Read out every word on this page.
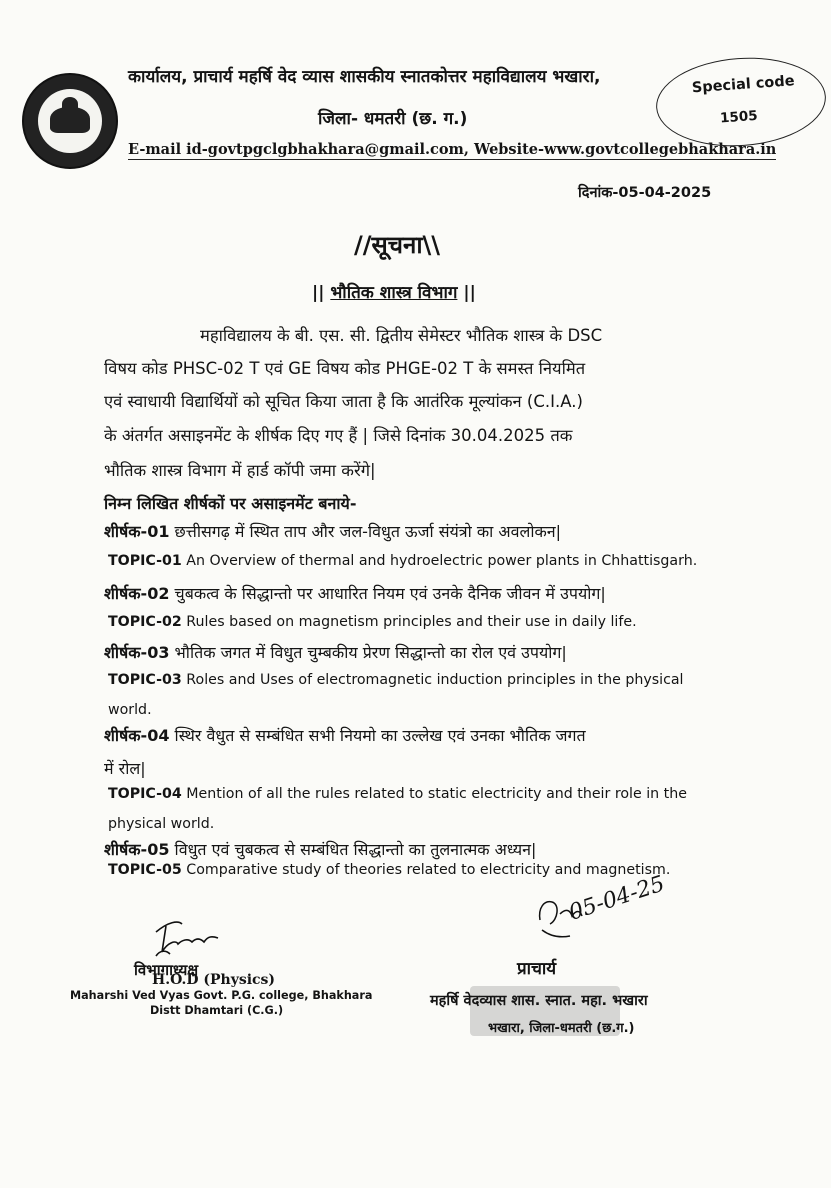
कार्यालय, प्राचार्य महर्षि वेद व्यास शासकीय स्नातकोत्तर महाविद्यालय भखारा,
जिला- धमतरी (छ. ग.)
E-mail id-govtpgclgbhakhara@gmail.com, Website-www.govtcollegebhakhara.in
Special code
1505
दिनांक-05-04-2025
//सूचना\\
|| भौतिक शास्त्र विभाग ||
महाविद्यालय के बी. एस. सी. द्वितीय सेमेस्टर भौतिक शास्त्र के DSC
विषय कोड PHSC-02 T एवं GE विषय कोड PHGE-02 T के समस्त नियमित
एवं स्वाधायी विद्यार्थियों को सूचित किया जाता है कि आतंरिक मूल्यांकन (C.I.A.)
के अंतर्गत असाइनमेंट के शीर्षक दिए गए हैं | जिसे दिनांक 30.04.2025 तक
भौतिक शास्त्र विभाग में हार्ड कॉपी जमा करेंगे|
निम्न लिखित शीर्षकों पर असाइनमेंट बनाये-
शीर्षक-01 छत्तीसगढ़ में स्थित ताप और जल-विधुत ऊर्जा संयंत्रो का अवलोकन|
TOPIC-01 An Overview of thermal and hydroelectric power plants in Chhattisgarh.
शीर्षक-02 चुबकत्व के सिद्धान्तो पर आधारित नियम एवं उनके दैनिक जीवन में उपयोग|
TOPIC-02 Rules based on magnetism principles and their use in daily life.
शीर्षक-03 भौतिक जगत में विधुत चुम्बकीय प्रेरण सिद्धान्तो का रोल एवं उपयोग|
TOPIC-03 Roles and Uses of electromagnetic induction principles in the physical
world.
शीर्षक-04 स्थिर वैधुत से सम्बंधित सभी नियमो का उल्लेख एवं उनका भौतिक जगत
में रोल|
TOPIC-04 Mention of all the rules related to static electricity and their role in the
physical world.
शीर्षक-05 विधुत एवं चुबकत्व से सम्बंधित सिद्धान्तो का तुलनात्मक अध्यन|
TOPIC-05 Comparative study of theories related to electricity and magnetism.
विभागाध्यक्ष
H.O.D (Physics)
Maharshi Ved Vyas Govt. P.G. college, Bhakhara
Distt Dhamtari (C.G.)
05-04-25
प्राचार्य
महर्षि वेदव्यास शास. स्नात. महा. भखारा
भखारा, जिला-धमतरी (छ.ग.)
